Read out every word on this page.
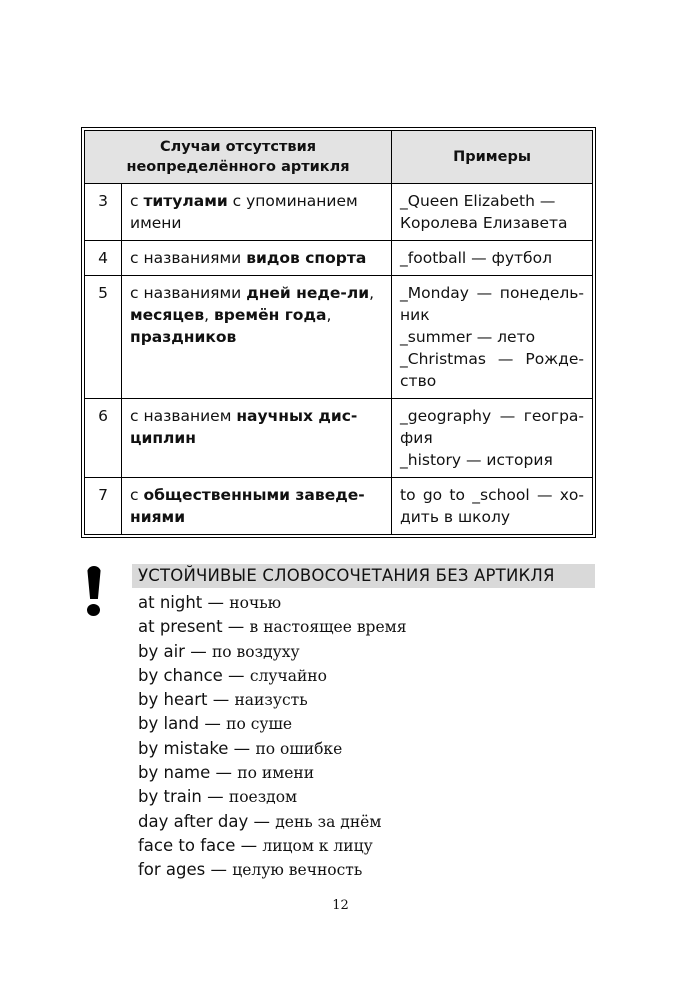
Случаи отсутствия
неопределённого артикля		Примеры
3	с титулами с упоминанием имени	_Queen Elizabeth —
Королева Елизавета

4	с названиями видов спорта	_football — футбол

5	с названиями дней неде-ли, месяцев, времён года, праздников	_Monday — понедель-
ник
_summer — лето
_Christmas — Рожде-
ство

6	с названием научных дис-циплин	_geography — геогра-
фия
_history — история

7	с общественными заведе-ниями	to go to _school — хо-
дить в школу
УСТОЙЧИВЫЕ СЛОВОСОЧЕТАНИЯ БЕЗ АРТИКЛЯ
at night — ночью
at present — в настоящее время
by air — по воздуху
by chance — случайно
by heart — наизусть
by land — по суше
by mistake — по ошибке
by name — по имени
by train — поездом
day after day — день за днём
face to face — лицом к лицу
for ages — целую вечность
12
